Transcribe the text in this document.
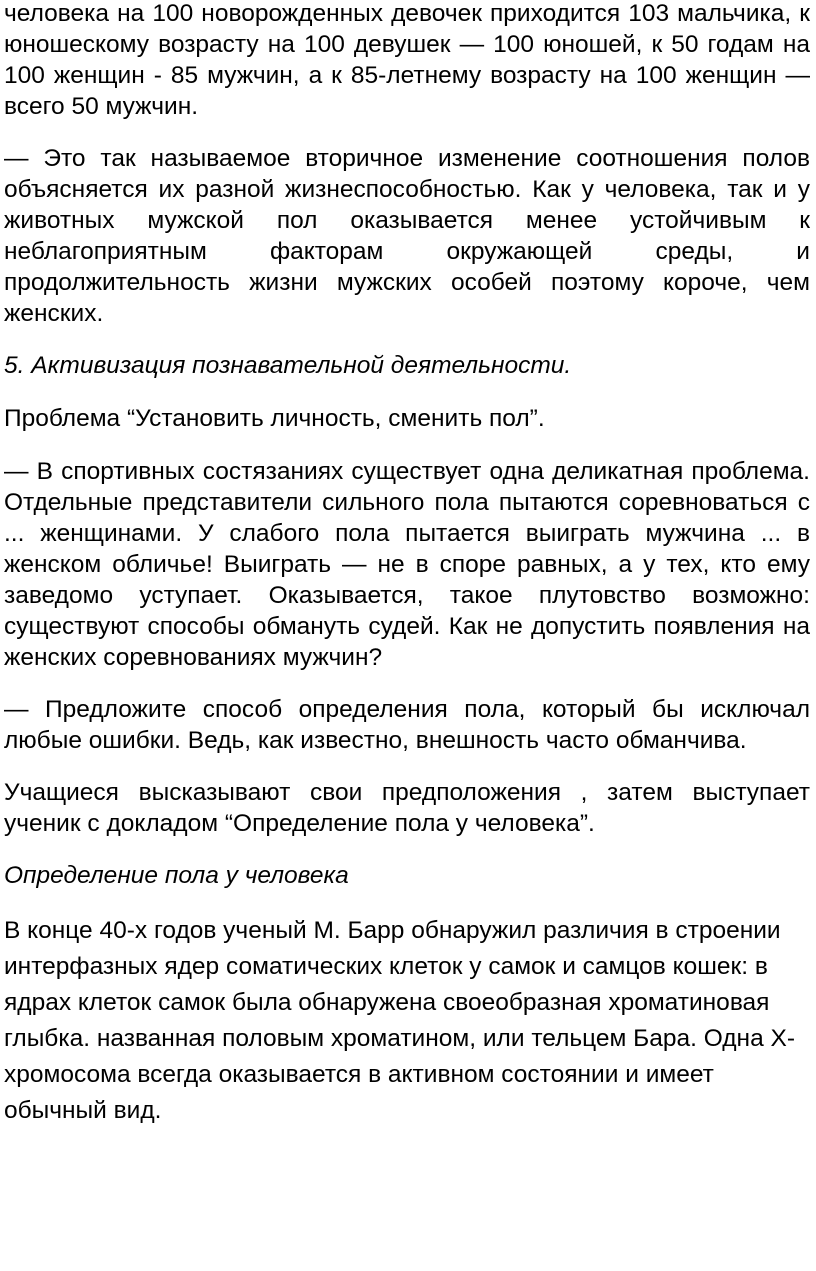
человека на 100 новорожденных девочек приходится 103 мальчика, к юношескому возрасту на 100 девушек — 100 юношей, к 50 годам на 100 женщин - 85 мужчин, а к 85-летнему возрасту на 100 женщин — всего 50 мужчин.

— Это так называемое вторичное изменение соотношения полов объясняется их разной жизнеспособностью. Как у человека, так и у животных мужской пол оказывается менее устойчивым к неблагоприятным факторам окружающей среды, и продолжительность жизни мужских особей поэтому короче, чем женских.

5. Активизация познавательной деятельности.

Проблема “Установить личность, сменить пол”.

— В спортивных состязаниях существует одна деликатная проблема. Отдельные представители сильного пола пытаются соревноваться с ... женщинами. У слабого пола пытается выиграть мужчина ... в женском обличье! Выиграть — не в споре равных, а у тех, кто ему заведомо уступает. Оказывается, такое плутовство возможно: существуют способы обмануть судей. Как не допустить появления на женских соревнованиях мужчин?

— Предложите способ определения пола, который бы исключал любые ошибки. Ведь, как известно, внешность часто обманчива.

Учащиеся высказывают свои предположения , затем выступает ученик с докладом “Определение пола у человека”.

Определение пола у человека

В конце 40-х годов ученый М. Барр обнаружил различия в строении интерфазных ядер соматических клеток у самок и самцов кошек: в ядрах клеток самок была обнаружена своеобразная хроматиновая глыбка. названная половым хроматином, или тельцем Бара. Одна Х-хромосома всегда оказывается в активном состоянии и имеет обычный вид.
